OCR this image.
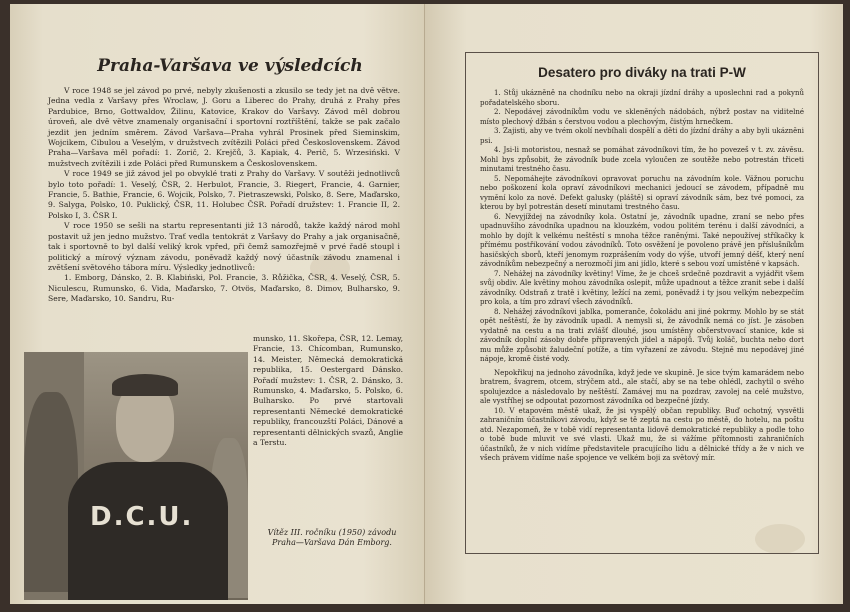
Praha-Varšava ve výsledcích

V roce 1948 se jel závod po prvé, nebyly zkušenosti a zkusilo se tedy jet na dvě větve. Jedna vedla z Varšavy přes Wroclaw, J. Goru a Liberec do Prahy, druhá z Prahy přes Pardubice, Brno, Gottwaldov, Žilinu, Katovice, Krakov do Varšavy. Závod měl dobrou úroveň, ale dvě větve znamenaly organisační i sportovní roztříštění, takže se pak začalo jezdit jen jedním směrem. Závod Varšava—Praha vyhrál Prosinek před Sieminskim, Wojcikem, Cibulou a Veselým, v družstvech zvítězili Poláci před Československem. Závod Praha—Varšava měl pořadí: 1. Zorič, 2. Krejčů, 3. Kapiak, 4. Perič, 5. Wrzesiński. V mužstvech zvítězili i zde Poláci před Rumunskem a Československem.

V roce 1949 se již závod jel po obvyklé trati z Prahy do Varšavy. V soutěži jednotlivců bylo toto pořadí: 1. Veselý, ČSR, 2. Herbulot, Francie, 3. Riegert, Francie, 4. Garnier, Francie, 5. Bathie, Francie, 6. Wojcik, Polsko, 7. Pietraszewski, Polsko, 8. Sere, Maďarsko, 9. Salyga, Polsko, 10. Puklický, ČSR, 11. Holubec ČSR. Pořadí družstev: 1. Francie II, 2. Polsko I, 3. ČSR I.

V roce 1950 se sešli na startu representanti již 13 národů, takže každý národ mohl postavit už jen jedno mužstvo. Trať vedla tentokrát z Varšavy do Prahy a jak organisačně, tak i sportovně to byl další veliký krok vpřed, při čemž samozřejmě v prvé řadě stoupl i politický a mírový význam závodu, poněvadž každý nový účastník závodu znamenal i zvětšení světového tábora míru. Výsledky jednotlivců:

1. Emborg, Dánsko, 2. B. Klabiński, Pol. Francie, 3. Růžička, ČSR, 4. Veselý, ČSR, 5. Niculescu, Rumunsko, 6. Vida, Maďarsko, 7. Otvös, Maďarsko, 8. Dimov, Bulharsko, 9. Sere, Maďarsko, 10. Sandru, Ru-

D.C.U.
munsko, 11. Skořepa, ČSR, 12. Lemay, Francie, 13. Chícomban, Rumunsko, 14. Meister, Německá demokratická republika, 15. Oestergard Dánsko. Pořadí mužstev: 1. ČSR, 2. Dánsko, 3. Rumunsko, 4. Maďarsko, 5. Polsko, 6. Bulharsko. Po prvé startovali representanti Německé demokratické republiky, francouzští Poláci, Dánové a representanti dělnických svazů, Anglie a Terstu.
Vítěz III. ročníku (1950) závodu Praha—Varšava Dán Emborg.
Desatero pro diváky na trati P-W

1. Stůj ukázněně na chodníku nebo na okraji jízdní dráhy a uposlechni rad a pokynů pořadatelského sboru.

2. Nepodávej závodníkům vodu ve skleněných nádobách, nýbrž postav na viditelné místo plechový džbán s čerstvou vodou a plechovým, čistým hrnečkem.

3. Zajisti, aby ve tvém okolí nevbíhali dospělí a děti do jízdní dráhy a aby byli ukázněni psi.

4. Jsi-li motoristou, nesnaž se pomáhat závodníkovi tím, že ho povezeš v t. zv. závěsu. Mohl bys způsobit, že závodník bude zcela vyloučen ze soutěže nebo potrestán třiceti minutami trestného času.

5. Nepomáhejte závodníkovi opravovat poruchu na závodním kole. Vážnou poruchu nebo poškození kola opraví závodníkovi mechanici jedoucí se závodem, případně mu vymění kolo za nové. Defekt galusky (pláště) si opraví závodník sám, bez tvé pomoci, za kterou by byl potrestán desetí minutami trestného času.

6. Nevyjíždej na závodníky kola. Ostatní je, závodník upadne, zraní se nebo přes upadnuvšího závodníka upadnou na klouzkém, vodou politém terénu i další závodníci, a mohlo by dojít k velkému neštěstí s mnoha těžce raněnými. Také nepoužívej stříkačky k přímému postřikování vodou závodníků. Toto osvěžení je povoleno právě jen příslušníkům hasičských sborů, kteří jenomym rozprášením vody do výše, utvoří jemný déšť, který není závodníkům nebezpečný a nerozmočí jim ani jídlo, které s sebou vozí umístěné v kapsách.

7. Nehážej na závodníky květiny! Víme, že je chceš srdečně pozdravit a vyjádřit všem svůj obdiv. Ale květiny mohou závodníka oslepit, může upadnout a těžce zranit sebe i další závodníky. Odstraň z tratě i květiny, ležící na zemi, poněvadž i ty jsou velkým nebezpečím pro kola, a tím pro zdraví všech závodníků.

8. Nehážej závodníkovi jablka, pomeranče, čokoládu ani jiné pokrmy. Mohlo by se stát opět neštěstí, že by závodník upadl. A nemysli si, že závodník nemá co jíst. Je zásoben vydatně na cestu a na trati zvlášť dlouhé, jsou umístěny občerstvovací stanice, kde si závodník doplní zásoby dobře připravených jídel a nápojů. Tvůj koláč, buchta nebo dort mu může způsobit žaludeční potíže, a tím vyřazení ze závodu. Stejně mu nepodávej jiné nápoje, kromě čisté vody.

Nepokřikuj na jednoho závodníka, když jede ve skupině. Je sice tvým kamarádem nebo bratrem, švagrem, otcem, strýčem atd., ale stačí, aby se na tebe ohlédl, zachytil o svého spolujezdce a následovalo by neštěstí. Zamávej mu na pozdrav, zavolej na celé mužstvo, ale vystříhej se odpoutat pozornost závodníka od bezpečné jízdy.

10. V etapovém městě ukaž, že jsi vyspělý občan republiky. Buď ochotný, vysvětli zahraničním účastníkovi závodu, když se tě zeptá na cestu po městě, do hotelu, na poštu atd. Nezapomeň, že v tobě vidí representanta lidově demokratické republiky a podle toho o tobě bude mluvit ve své vlasti. Ukaž mu, že si vážíme přítomnosti zahraničních účastníků, že v nich vidíme představitele pracujícího lidu a dělnické třídy a že v nich ve všech právem vidíme naše spojence ve velkém boji za světový mír.
